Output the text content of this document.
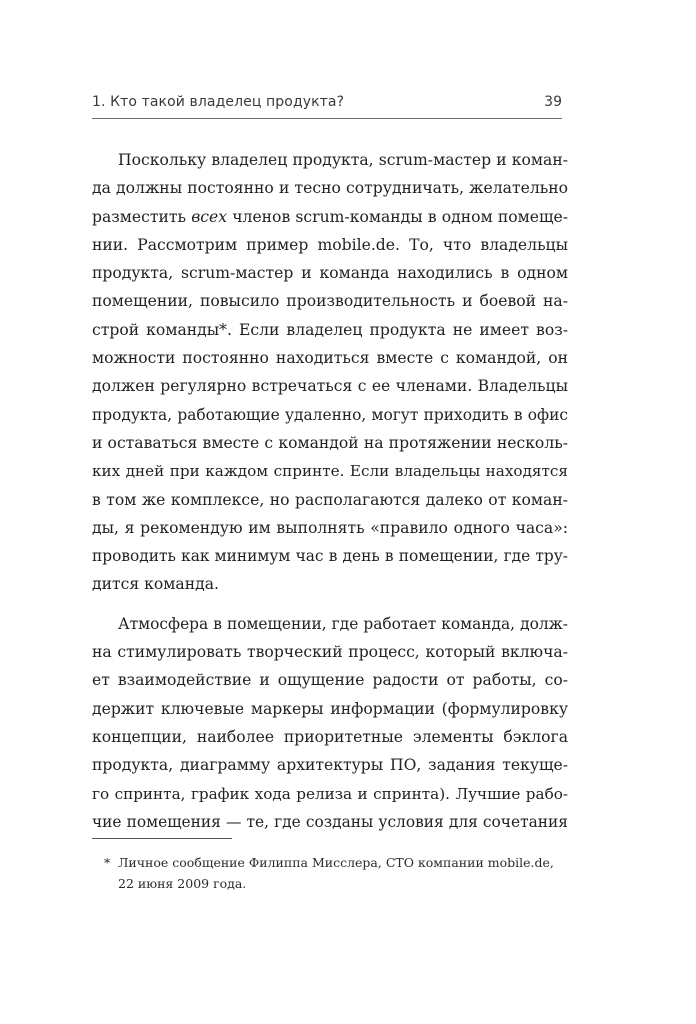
1. Кто такой владелец продукта?	39
Поскольку владелец продукта, scrum-мастер и коман-
да должны постоянно и тесно сотрудничать, желательно
разместить всех членов scrum-команды в одном помеще-
нии. Рассмотрим пример mobile.de. То, что владельцы
продукта, scrum-мастер и команда находились в одном
помещении, повысило производительность и боевой на-
строй команды*. Если владелец продукта не имеет воз-
можности постоянно находиться вместе с командой, он
должен регулярно встречаться с ее членами. Владельцы
продукта, работающие удаленно, могут приходить в офис
и оставаться вместе с командой на протяжении несколь-
ких дней при каждом спринте. Если владельцы находятся
в том же комплексе, но располагаются далеко от коман-
ды, я рекомендую им выполнять «правило одного часа»:
проводить как минимум час в день в помещении, где тру-
дится команда.
Атмосфера в помещении, где работает команда, долж-
на стимулировать творческий процесс, который включа-
ет взаимодействие и ощущение радости от работы, со-
держит ключевые маркеры информации (формулировку
концепции, наиболее приоритетные элементы бэклога
продукта, диаграмму архитектуры ПО, задания текуще-
го спринта, график хода релиза и спринта). Лучшие рабо-
чие помещения — те, где созданы условия для сочетания
* Личное сообщение Филиппа Мисслера, CTO компании mobile.de,
22 июня 2009 года.
